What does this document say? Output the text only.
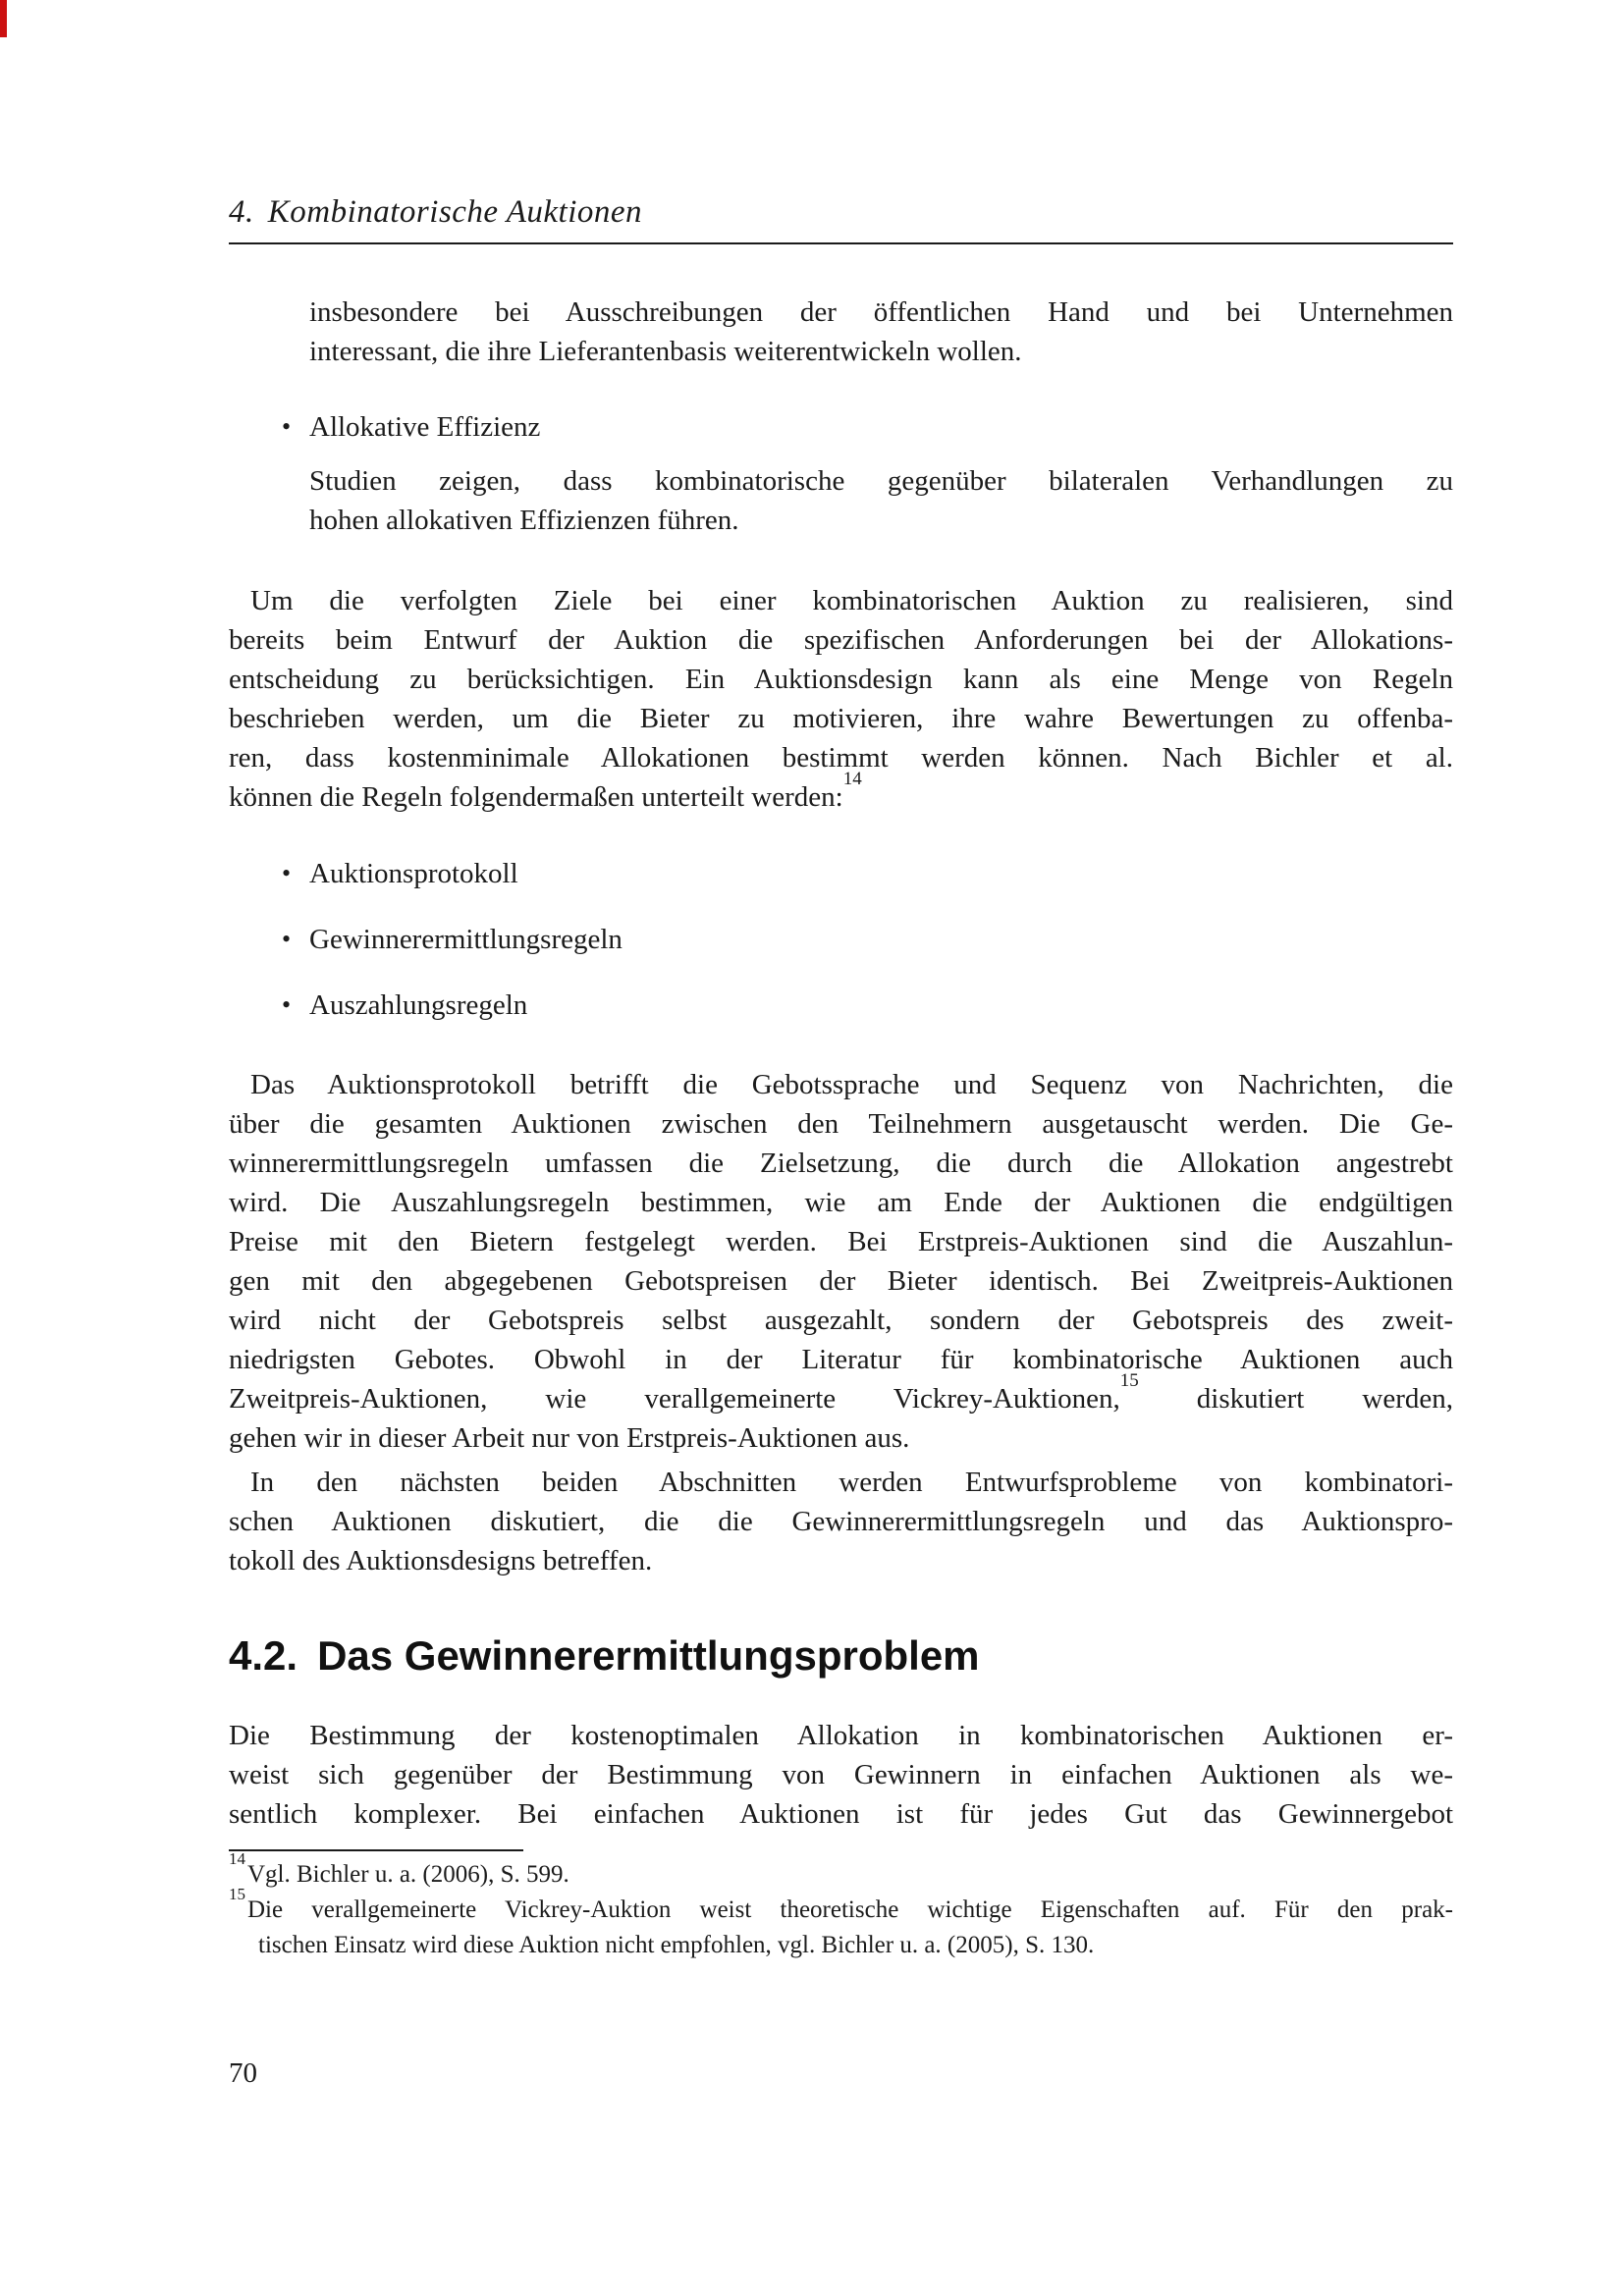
4. Kombinatorische Auktionen
insbesondere bei Ausschreibungen der öffentlichen Hand und bei Unternehmen
interessant, die ihre Lieferantenbasis weiterentwickeln wollen.
• Allokative Effizienz
Studien zeigen, dass kombinatorische gegenüber bilateralen Verhandlungen zu
hohen allokativen Effizienzen führen.
Um die verfolgten Ziele bei einer kombinatorischen Auktion zu realisieren, sind
bereits beim Entwurf der Auktion die spezifischen Anforderungen bei der Allokations-
entscheidung zu berücksichtigen. Ein Auktionsdesign kann als eine Menge von Regeln
beschrieben werden, um die Bieter zu motivieren, ihre wahre Bewertungen zu offenba-
ren, dass kostenminimale Allokationen bestimmt werden können. Nach Bichler et al.
können die Regeln folgendermaßen unterteilt werden:$^{14}$
• Auktionsprotokoll
• Gewinnerermittlungsregeln
• Auszahlungsregeln
Das Auktionsprotokoll betrifft die Gebotssprache und Sequenz von Nachrichten, die
über die gesamten Auktionen zwischen den Teilnehmern ausgetauscht werden. Die Ge-
winnerermittlungsregeln umfassen die Zielsetzung, die durch die Allokation angestrebt
wird. Die Auszahlungsregeln bestimmen, wie am Ende der Auktionen die endgültigen
Preise mit den Bietern festgelegt werden. Bei Erstpreis-Auktionen sind die Auszahlun-
gen mit den abgegebenen Gebotspreisen der Bieter identisch. Bei Zweitpreis-Auktionen
wird nicht der Gebotspreis selbst ausgezahlt, sondern der Gebotspreis des zweit-
niedrigsten Gebotes. Obwohl in der Literatur für kombinatorische Auktionen auch
Zweitpreis-Auktionen, wie verallgemeinerte Vickrey-Auktionen,$^{15}$ diskutiert werden,
gehen wir in dieser Arbeit nur von Erstpreis-Auktionen aus.
In den nächsten beiden Abschnitten werden Entwurfsprobleme von kombinatori-
schen Auktionen diskutiert, die die Gewinnerermittlungsregeln und das Auktionspro-
tokoll des Auktionsdesigns betreffen.
4.2. Das Gewinnerermittlungsproblem
Die Bestimmung der kostenoptimalen Allokation in kombinatorischen Auktionen er-
weist sich gegenüber der Bestimmung von Gewinnern in einfachen Auktionen als we-
sentlich komplexer. Bei einfachen Auktionen ist für jedes Gut das Gewinnergebot
$^{14}$Vgl. Bichler u. a. (2006), S. 599.
$^{15}$Die verallgemeinerte Vickrey-Auktion weist theoretische wichtige Eigenschaften auf. Für den prak-
tischen Einsatz wird diese Auktion nicht empfohlen, vgl. Bichler u. a. (2005), S. 130.
70
